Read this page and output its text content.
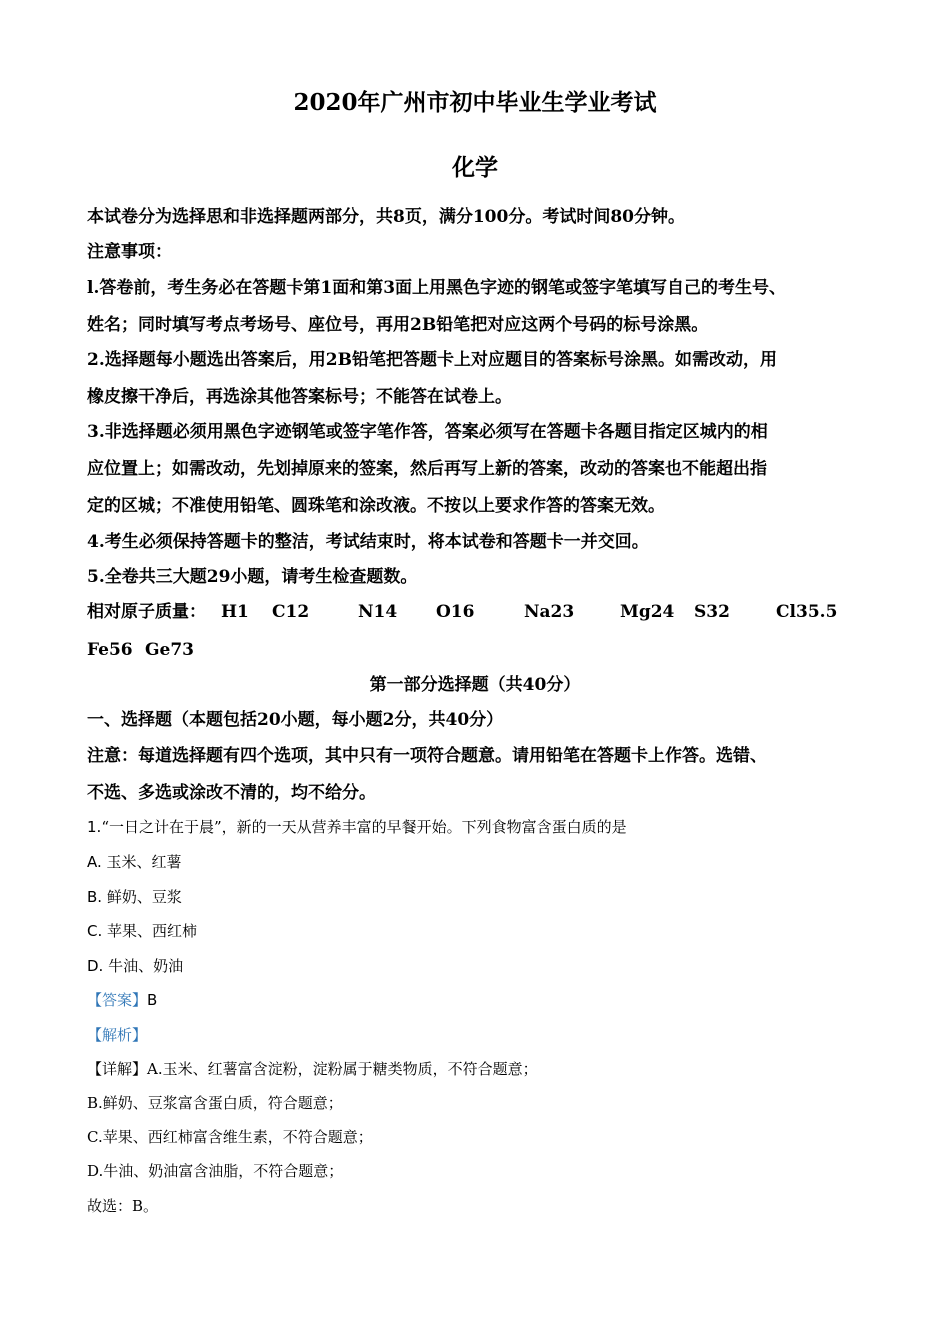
2020年广州市初中毕业生学业考试
化学
本试卷分为选择思和非选择题两部分，共8页，满分100分。考试时间80分钟。
注意事项：
l.答卷前，考生务必在答题卡第1面和第3面上用黑色字迹的钢笔或签字笔填写自己的考生号、
姓名；同时填写考点考场号、座位号，再用2B铅笔把对应这两个号码的标号涂黑。
2.选择题每小题选出答案后，用2B铅笔把答题卡上对应题目的答案标号涂黑。如需改动，用
橡皮擦干净后，再选涂其他答案标号；不能答在试卷上。
3.非选择题必须用黑色字迹钢笔或签字笔作答，答案必须写在答题卡各题目指定区城内的相
应位置上；如需改动，先划掉原来的签案，然后再写上新的答案，改动的答案也不能超出指
定的区城；不准使用铅笔、圆珠笔和涂改液。不按以上要求作答的答案无效。
4.考生必须保持答题卡的整洁，考试结束时，将本试卷和答题卡一并交回。
5.全卷共三大题29小题，请考生检查题数。
相对原子质量： H1 C12	N14 O16	Na23	Mg24 S32	Cl35.5
Fe56 Ge73
第一部分选择题（共40分）
一、选择题（本题包括20小题，每小题2分，共40分）
注意：每道选择题有四个选项，其中只有一项符合题意。请用铅笔在答题卡上作答。选错、
不选、多选或涂改不清的，均不给分。
1.“一日之计在于晨”，新的一天从营养丰富的早餐开始。下列食物富含蛋白质的是
A. 玉米、红薯
B. 鲜奶、豆浆
C. 苹果、西红柿
D. 牛油、奶油
【答案】B
【解析】
【详解】A.玉米、红薯富含淀粉，淀粉属于糖类物质，不符合题意；
B.鲜奶、豆浆富含蛋白质，符合题意；
C.苹果、西红柿富含维生素，不符合题意；
D.牛油、奶油富含油脂，不符合题意；
故选：B。
